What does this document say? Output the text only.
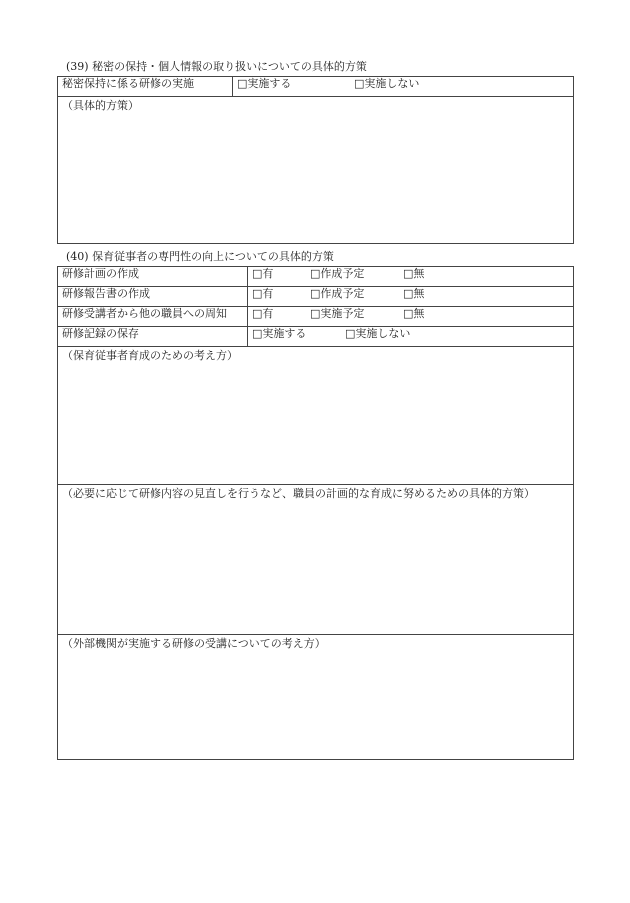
(39) 秘密の保持・個人情報の取り扱いについての具体的方策
秘密保持に係る研修の実施	□実施する	□実施しない

（具体的方策）
(40) 保育従事者の専門性の向上についての具体的方策
研修計画の作成	□有 □作成予定 □無
研修報告書の作成	□有 □作成予定 □無
研修受講者から他の職員への周知	□有 □実施予定 □無
研修記録の保存	□実施する □実施しない

（保育従事者育成のための考え方）	

（必要に応じて研修内容の見直しを行うなど、職員の計画的な育成に努めるための具体的方策）	

（外部機関が実施する研修の受講についての考え方）	
